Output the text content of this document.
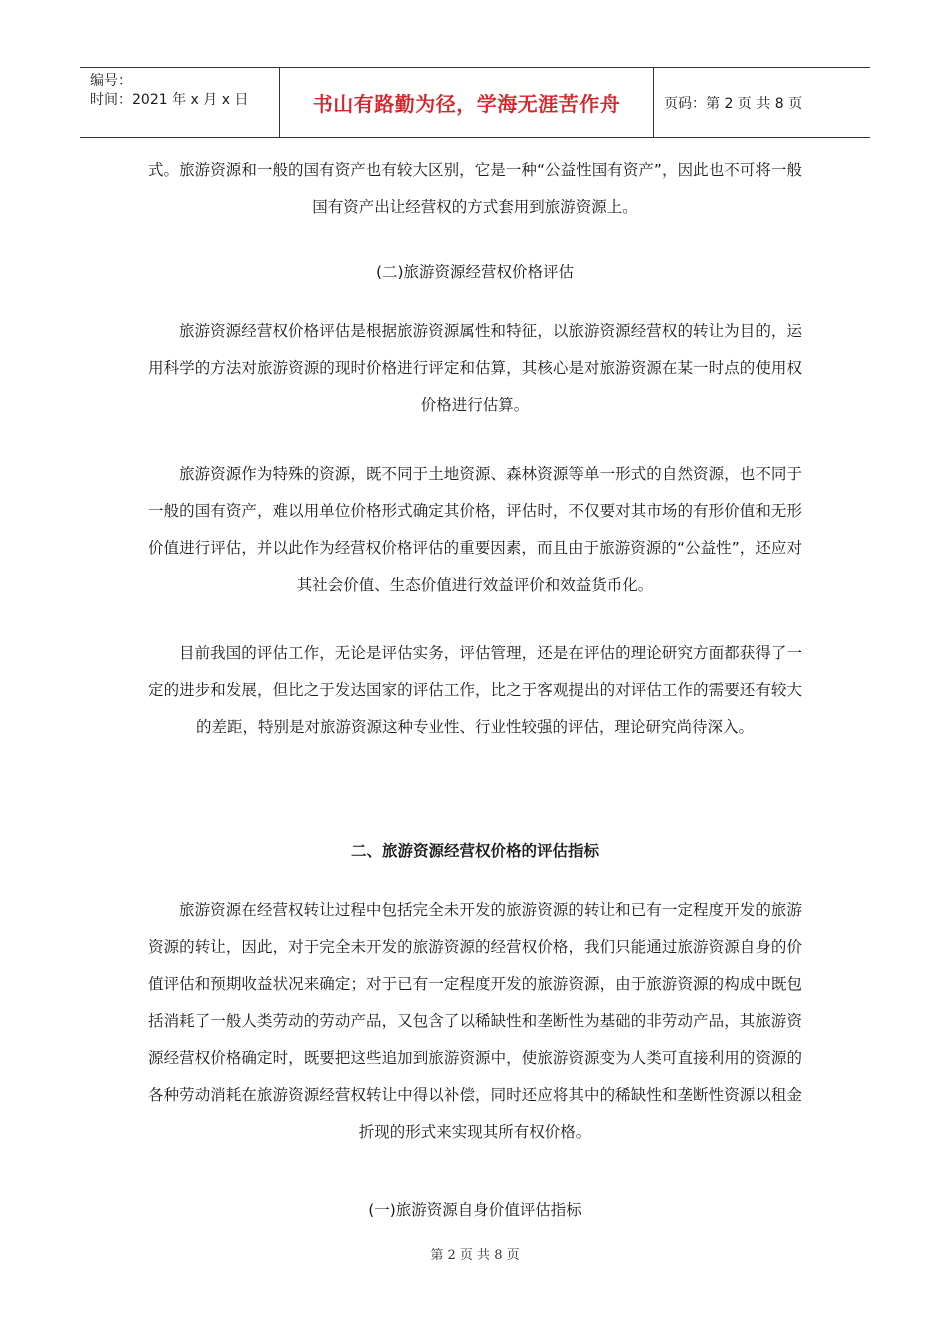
编号：
时间：2021 年 x 月 x 日	书山有路勤为径，学海无涯苦作舟	页码：第 2 页 共 8 页
式。旅游资源和一般的国有资产也有较大区别，它是一种“公益性国有资产”，因此也不可将一般国有资产出让经营权的方式套用到旅游资源上。
(二)旅游资源经营权价格评估
旅游资源经营权价格评估是根据旅游资源属性和特征，以旅游资源经营权的转让为目的，运用科学的方法对旅游资源的现时价格进行评定和估算，其核心是对旅游资源在某一时点的使用权价格进行估算。
旅游资源作为特殊的资源，既不同于土地资源、森林资源等单一形式的自然资源，也不同于一般的国有资产，难以用单位价格形式确定其价格，评估时，不仅要对其市场的有形价值和无形价值进行评估，并以此作为经营权价格评估的重要因素，而且由于旅游资源的“公益性”，还应对其社会价值、生态价值进行效益评价和效益货币化。
目前我国的评估工作，无论是评估实务，评估管理，还是在评估的理论研究方面都获得了一定的进步和发展，但比之于发达国家的评估工作，比之于客观提出的对评估工作的需要还有较大的差距，特别是对旅游资源这种专业性、行业性较强的评估，理论研究尚待深入。
二、旅游资源经营权价格的评估指标
旅游资源在经营权转让过程中包括完全未开发的旅游资源的转让和已有一定程度开发的旅游资源的转让，因此，对于完全未开发的旅游资源的经营权价格，我们只能通过旅游资源自身的价值评估和预期收益状况来确定；对于已有一定程度开发的旅游资源，由于旅游资源的构成中既包括消耗了一般人类劳动的劳动产品，又包含了以稀缺性和垄断性为基础的非劳动产品，其旅游资源经营权价格确定时，既要把这些追加到旅游资源中，使旅游资源变为人类可直接利用的资源的各种劳动消耗在旅游资源经营权转让中得以补偿，同时还应将其中的稀缺性和垄断性资源以租金折现的形式来实现其所有权价格。
(一)旅游资源自身价值评估指标
第 2 页 共 8 页
